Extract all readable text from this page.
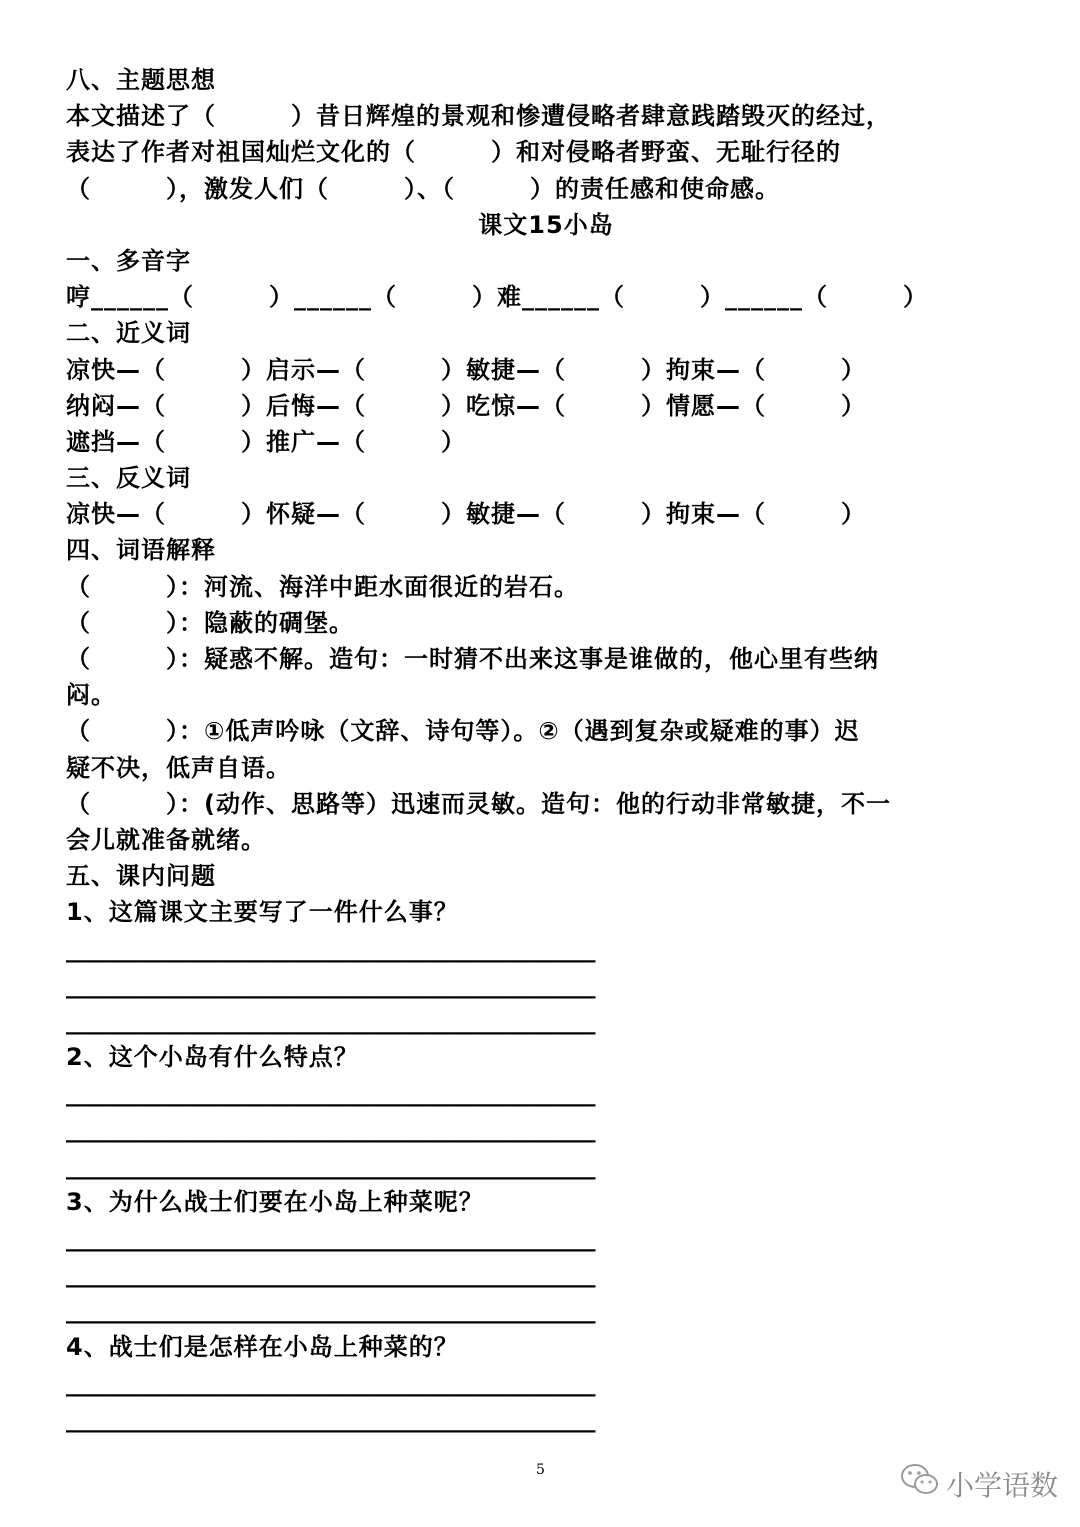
八、主题思想
本文描述了（　　　）昔日辉煌的景观和惨遭侵略者肆意践踏毁灭的经过，
表达了作者对祖国灿烂文化的（　　　）和对侵略者野蛮、无耻行径的
（　　　），激发人们（　　　）、（　　　）的责任感和使命感。
课文15小岛
一、多音字
哼______（　　　）______（　　　）难______（　　　）______（　　　）
二、近义词
凉快—（　　　）启示—（　　　）敏捷—（　　　）拘束—（　　　）
纳闷—（　　　）后悔—（　　　）吃惊—（　　　）情愿—（　　　）
遮挡—（　　　）推广—（　　　）
三、反义词
凉快—（　　　）怀疑—（　　　）敏捷—（　　　）拘束—（　　　）
四、词语解释
（　　　）：河流、海洋中距水面很近的岩石。
（　　　）：隐蔽的碉堡。
（　　　）：疑惑不解。造句：一时猜不出来这事是谁做的，他心里有些纳
闷。
（　　　）：①低声吟咏（文辞、诗句等）。②（遇到复杂或疑难的事）迟
疑不决，低声自语。
（　　　）：(动作、思路等）迅速而灵敏。造句：他的行动非常敏捷，不一
会儿就准备就绪。
五、课内问题
1、这篇课文主要写了一件什么事？
______________________________________________
______________________________________________
______________________________________________
2、这个小岛有什么特点？
______________________________________________
______________________________________________
______________________________________________
3、为什么战士们要在小岛上种菜呢？
______________________________________________
______________________________________________
______________________________________________
4、战士们是怎样在小岛上种菜的？
______________________________________________
______________________________________________
5	小学语数
